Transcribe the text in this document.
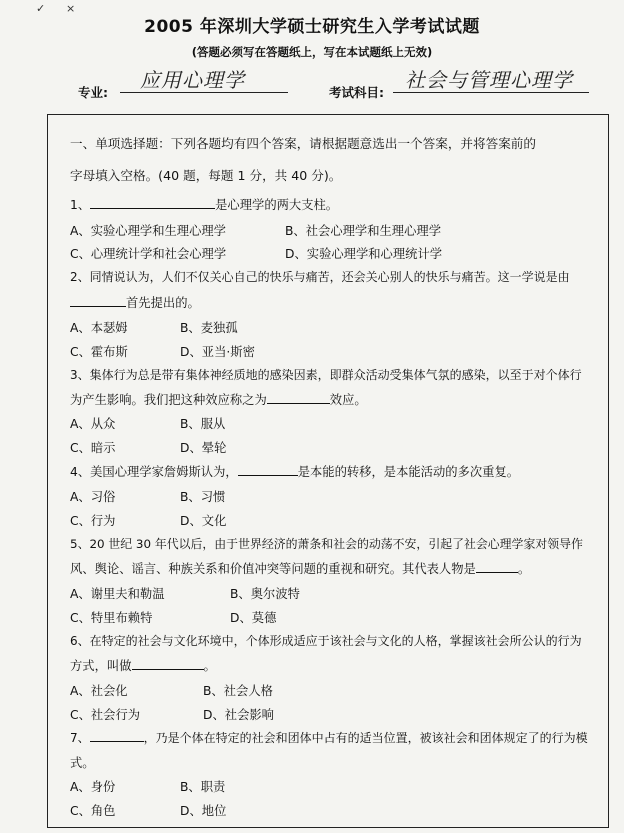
✓ ×
2005 年深圳大学硕士研究生入学考试试题
(答题必须写在答题纸上，写在本试题纸上无效)
专业:
应用心理学
考试科目:
社会与管理心理学
一、单项选择题：下列各题均有四个答案，请根据题意选出一个答案，并将答案前的
字母填入空格。(40 题，每题 1 分，共 40 分)。
1、	是心理学的两大支柱。
A、实验心理学和生理心理学	B、社会心理学和生理心理学
C、心理统计学和社会心理学	D、实验心理学和心理统计学
2、同情说认为，人们不仅关心自己的快乐与痛苦，还会关心别人的快乐与痛苦。这一学说是由
首先提出的。
A、本瑟姆	B、麦独孤
C、霍布斯	D、亚当·斯密
3、集体行为总是带有集体神经质地的感染因素，即群众活动受集体气氛的感染，以至于对个体行
为产生影响。我们把这种效应称之为	效应。
A、从众	B、服从
C、暗示	D、晕轮
4、美国心理学家詹姆斯认为，	是本能的转移，是本能活动的多次重复。
A、习俗	B、习惯
C、行为	D、文化
5、20 世纪 30 年代以后，由于世界经济的萧条和社会的动荡不安，引起了社会心理学家对领导作
风、舆论、谣言、种族关系和价值冲突等问题的重视和研究。其代表人物是	。
A、谢里夫和勒温	B、奥尔波特
C、特里布赖特	D、莫德
6、在特定的社会与文化环境中，个体形成适应于该社会与文化的人格，掌握该社会所公认的行为
方式，叫做	。
A、社会化	B、社会人格
C、社会行为	D、社会影响
7、	，乃是个体在特定的社会和团体中占有的适当位置，被该社会和团体规定了的行为模
式。
A、身份	B、职责
C、角色	D、地位
